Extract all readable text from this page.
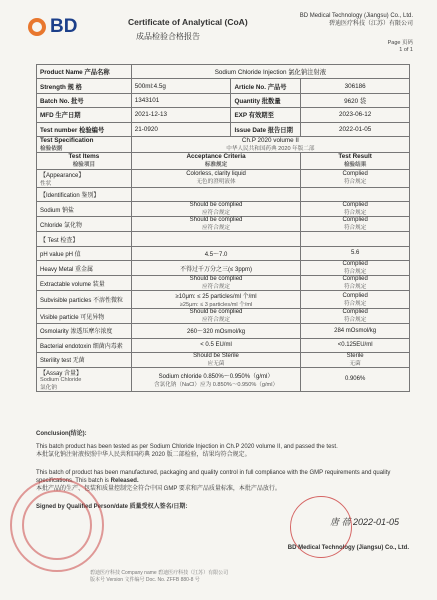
BD	Certificate of Analytical (CoA)
成品检验合格报告
BD Medical Technology (Jiangsu) Co., Ltd.
碧迪医疗科技（江苏）有限公司
Page 页码
1 of 1
Product Name 产品名称	Sodium Chloride Injection 氯化钠注射液		
Strength 规 格	500ml:4.5g	Article No. 产品号	306186
Batch No. 批号	1343101	Quantity 批数量	9620 袋
MFD 生产日期	2021-12-13	EXP 有效期至	2023-06-12
Test number 检验编号	21-0920	Issue Date 报告日期	2022-01-05
Test Specification
检验依据	Ch.P 2020 volume II
中华人民共和国药典 2020 年版二部		

Test Items
检验项目	Acceptance Criteria
标准规定		Test Result
检验结果

【Appearance】
性状	Colorless, clarity liquid
无色的澄明液体		Complied
符合规定

【Identification 鉴别】		

Sodium 钠盐	Should be complied
应符合规定		Complied
符合规定

Chloride 氯化物	Should be complied
应符合规定		Complied
符合规定

【 Test 检查】		

pH value pH 值	4.5～7.0		5.6

Heavy Metal 重金属	不得过千万分之三(≤ 3ppm)		Complied
符合规定

Extractable volume 装量	Should be complied
应符合规定		Complied
符合规定

Subvisible particles 不溶性微粒	≥10μm: ≤ 25 particles/ml 个/ml
≥25μm: ≤ 3 particles/ml 个/ml		Complied
符合规定

Visible particle 可见异物	Should be complied
应符合规定		Complied
符合规定

Osmolarity 渗透压摩尔浓度	260～320 mOsmol/kg		284 mOsmol/kg

Bacterial endotoxin 细菌内毒素	< 0.5 EU/ml		<0.125EU/ml

Sterility test 无菌	Should be Sterile
应无菌		Sterile
无菌

【Assay 含量】
Sodium Chloride
氯化钠	Sodium chloride 0.850%～0.950%（g/ml）
含氯化钠（NaCl）应为 0.850%～0.950%（g/ml）		0.906%
Conclusion(结论):
This batch product has been tested as per Sodium Chloride Injection in Ch.P 2020 volume II, and passed the test.
本批氯化钠注射液按照中华人民共和国药典 2020 版二部检验，结果均符合规定。
This batch of product has been manufactured, packaging and quality control in full compliance with the GMP requirements and quality specifications. This batch is Released.
本批产品的生产、包装和质量控制完全符合中国 GMP 要求和产品质量标准，本批产品放行。
Signed by Qualified Person/date 质量受权人签名/日期:
唐 蓓 2022-01-05
BD Medical Technology (Jiangsu) Co., Ltd.
碧迪医疗科技 Company name 碧迪医疗科技（江苏）有限公司
版本号 Version 文件编号 Doc. No. ZFFB 880-8 号
